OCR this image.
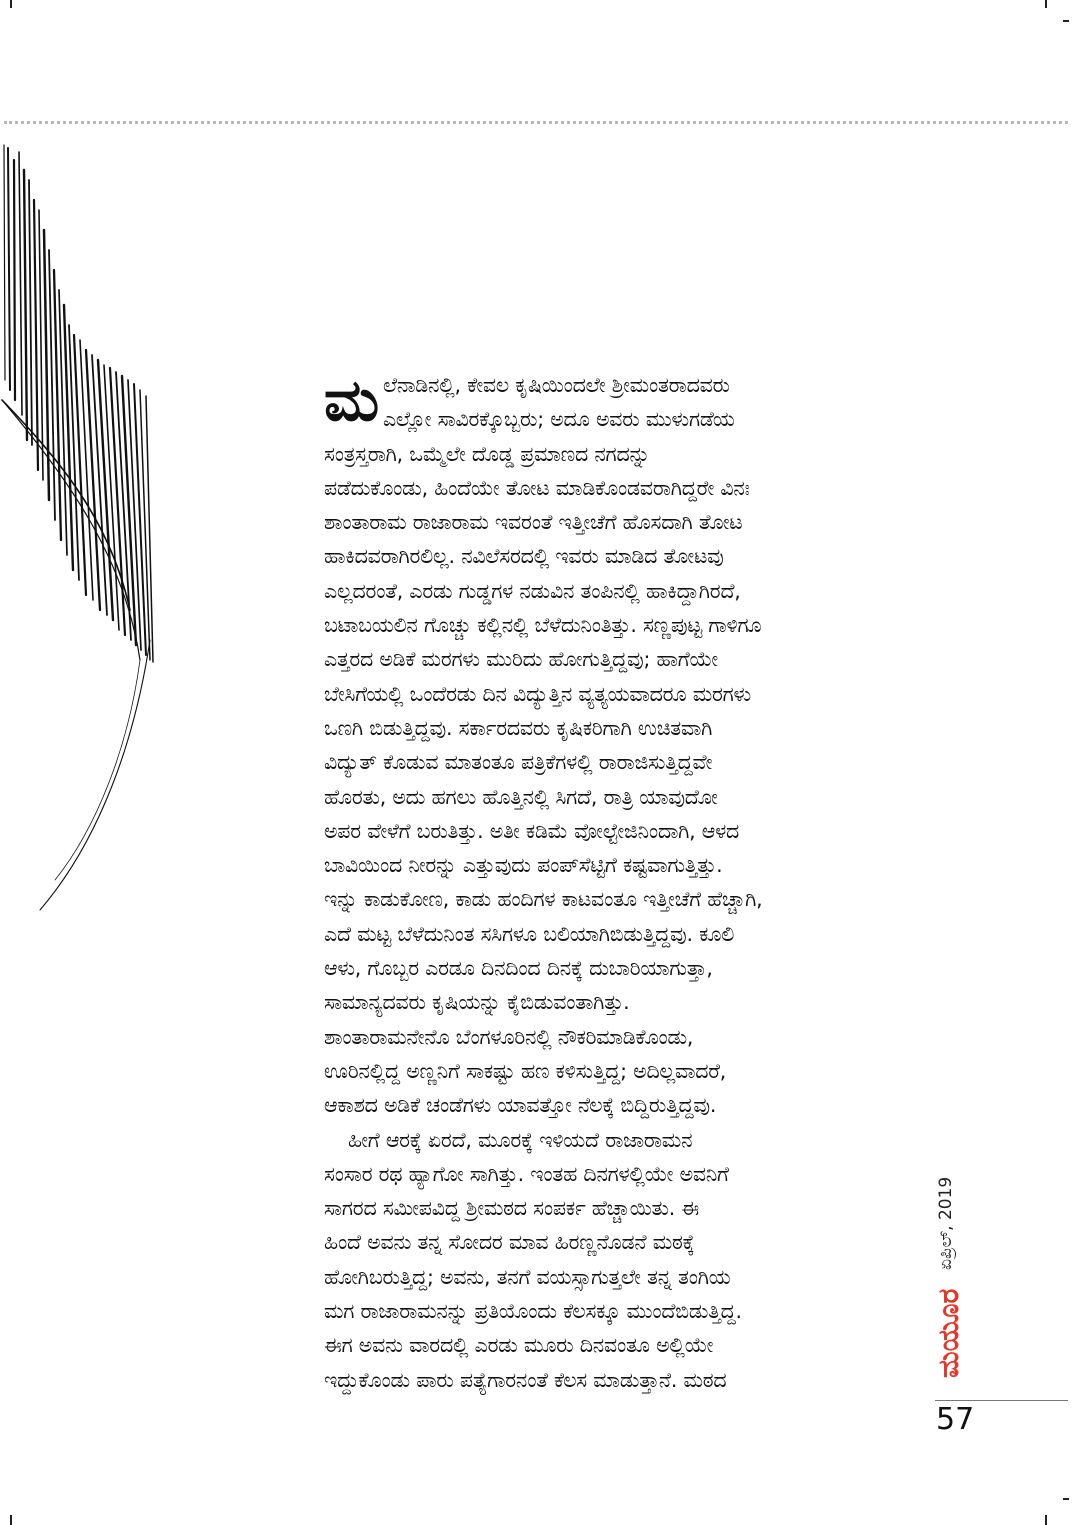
ಮ ಲೆನಾಡಿನಲ್ಲಿ, ಕೇವಲ ಕೃಷಿಯಿಂದಲೇ ಶ್ರೀಮಂತರಾದವರು
ಎಲ್ಲೋ ಸಾವಿರಕ್ಕೊಬ್ಬರು; ಅದೂ ಅವರು ಮುಳುಗಡೆಯ
ಸಂತ್ರಸ್ತರಾಗಿ, ಒಮ್ಮೆಲೇ ದೊಡ್ಡ ಪ್ರಮಾಣದ ನಗದನ್ನು
ಪಡೆದುಕೊಂಡು, ಹಿಂದೆಯೇ ತೋಟ ಮಾಡಿಕೊಂಡವರಾಗಿದ್ದರೇ ವಿನಃ
ಶಾಂತಾರಾಮ ರಾಜಾರಾಮ ಇವರಂತೆ ಇತ್ತೀಚೆಗೆ ಹೊಸದಾಗಿ ತೋಟ
ಹಾಕಿದವರಾಗಿರಲಿಲ್ಲ. ನವಿಲೆಸರದಲ್ಲಿ ಇವರು ಮಾಡಿದ ತೋಟವು
ಎಲ್ಲದರಂತೆ, ಎರಡು ಗುಡ್ಡಗಳ ನಡುವಿನ ತಂಪಿನಲ್ಲಿ ಹಾಕಿದ್ದಾಗಿರದೆ,
ಬಟಾಬಯಲಿನ ಗೊಚ್ಚು ಕಲ್ಲಿನಲ್ಲಿ ಬೆಳೆದುನಿಂತಿತ್ತು. ಸಣ್ಣಪುಟ್ಟ ಗಾಳಿಗೂ
ಎತ್ತರದ ಅಡಿಕೆ ಮರಗಳು ಮುರಿದು ಹೋಗುತ್ತಿದ್ದವು; ಹಾಗೆಯೇ
ಬೇಸಿಗೆಯಲ್ಲಿ ಒಂದೆರಡು ದಿನ ವಿದ್ಯುತ್ತಿನ ವ್ಯತ್ಯಯವಾದರೂ ಮರಗಳು
ಒಣಗಿ ಬಿಡುತ್ತಿದ್ದವು. ಸರ್ಕಾರದವರು ಕೃಷಿಕರಿಗಾಗಿ ಉಚಿತವಾಗಿ
ವಿದ್ಯುತ್ ಕೊಡುವ ಮಾತಂತೂ ಪತ್ರಿಕೆಗಳಲ್ಲಿ ರಾರಾಜಿಸುತ್ತಿದ್ದವೇ
ಹೊರತು, ಅದು ಹಗಲು ಹೊತ್ತಿನಲ್ಲಿ ಸಿಗದೆ, ರಾತ್ರಿ ಯಾವುದೋ
ಅಪರ ವೇಳೆಗೆ ಬರುತಿತ್ತು. ಅತೀ ಕಡಿಮೆ ವೋಲ್ಟೇಜಿನಿಂದಾಗಿ, ಆಳದ
ಬಾವಿಯಿಂದ ನೀರನ್ನು ಎತ್ತುವುದು ಪಂಪ್‌ಸೆಟ್ಟಿಗೆ ಕಷ್ಟವಾಗುತ್ತಿತ್ತು.
ಇನ್ನು ಕಾಡುಕೋಣ, ಕಾಡು ಹಂದಿಗಳ ಕಾಟವಂತೂ ಇತ್ತೀಚೆಗೆ ಹೆಚ್ಚಾಗಿ,
ಎದೆ ಮಟ್ಟ ಬೆಳೆದುನಿಂತ ಸಸಿಗಳೂ ಬಲಿಯಾಗಿಬಿಡುತ್ತಿದ್ದವು. ಕೂಲಿ
ಆಳು, ಗೊಬ್ಬರ ಎರಡೂ ದಿನದಿಂದ ದಿನಕ್ಕೆ ದುಬಾರಿಯಾಗುತ್ತಾ,
ಸಾಮಾನ್ಯದವರು ಕೃಷಿಯನ್ನು ಕೈಬಿಡುವಂತಾಗಿತ್ತು.
ಶಾಂತಾರಾಮನೇನೊ ಬೆಂಗಳೂರಿನಲ್ಲಿ ನೌಕರಿಮಾಡಿಕೊಂಡು,
ಊರಿನಲ್ಲಿದ್ದ ಅಣ್ಣನಿಗೆ ಸಾಕಷ್ಟು ಹಣ ಕಳಿಸುತ್ತಿದ್ದ; ಅದಿಲ್ಲವಾದರೆ,
ಆಕಾಶದ ಅಡಿಕೆ ಚಂಡೆಗಳು ಯಾವತ್ತೋ ನೆಲಕ್ಕೆ ಬಿದ್ದಿರುತ್ತಿದ್ದವು.
ಹೀಗೆ ಆರಕ್ಕೆ ಏರದೆ, ಮೂರಕ್ಕೆ ಇಳಿಯದೆ ರಾಜಾರಾಮನ
ಸಂಸಾರ ರಥ ಹ್ಯಾಗೋ ಸಾಗಿತ್ತು. ಇಂತಹ ದಿನಗಳಲ್ಲಿಯೇ ಅವನಿಗೆ
ಸಾಗರದ ಸಮೀಪವಿದ್ದ ಶ್ರೀಮಠದ ಸಂಪರ್ಕ ಹೆಚ್ಚಾಯಿತು. ಈ
ಹಿಂದೆ ಅವನು ತನ್ನ ಸೋದರ ಮಾವ ಹಿರಣ್ಣನೊಡನೆ ಮಠಕ್ಕೆ
ಹೋಗಿಬರುತ್ತಿದ್ದ; ಅವನು, ತನಗೆ ವಯಸ್ಸಾಗುತ್ತಲೇ ತನ್ನ ತಂಗಿಯ
ಮಗ ರಾಜಾರಾಮನನ್ನು ಪ್ರತಿಯೊಂದು ಕೆಲಸಕ್ಕೂ ಮುಂದೆಬಿಡುತ್ತಿದ್ದ.
ಈಗ ಅವನು ವಾರದಲ್ಲಿ ಎರಡು ಮೂರು ದಿನವಂತೂ ಅಲ್ಲಿಯೇ
ಇದ್ದುಕೊಂಡು ಪಾರು ಪತ್ಯೆಗಾರನಂತೆ ಕೆಲಸ ಮಾಡುತ್ತಾನೆ. ಮಠದ
ಏಪ್ರಿಲ್, 2019
ಮಯೂರ
57
